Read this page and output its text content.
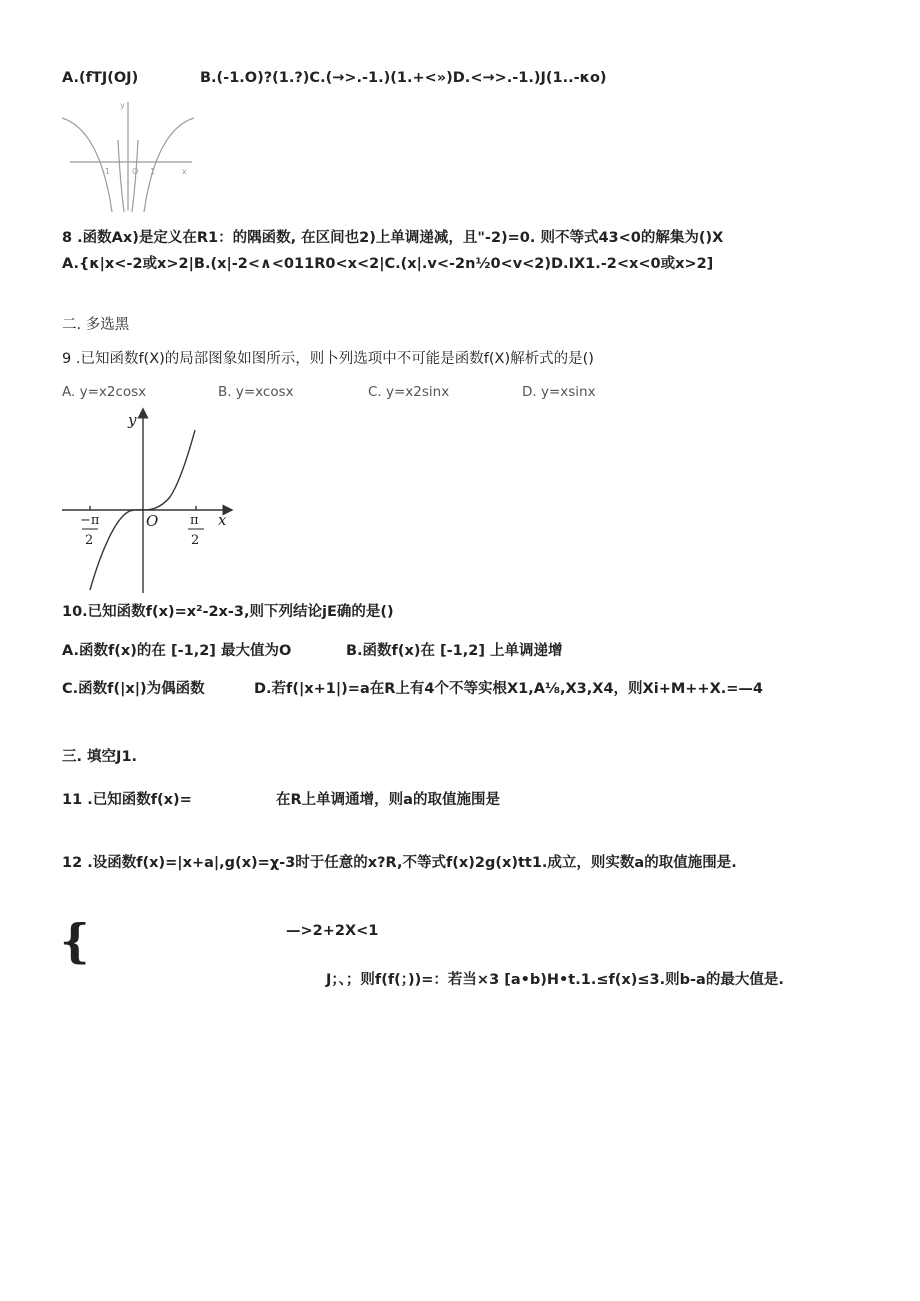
A.(fTJ(OJ)	B.(-1.O)?(1.?)C.(→>.-1.)(1.+<»)D.<→>.-1.)J(1..-κo)
y
x
O
-1	1
8 .函数Ax)是定义在R1：的隅函数, 在区间也2)上单调递减，且"-2)=0. 则不等式43<0的解集为()X
A.{κ|x<-2或x>2|B.(x|-2<∧<011R0<x<2|C.(x|.v<-2n½0<v<2)D.IX1.-2<x<0或x>2]
二. 多选黑
9 .已知函数f(X)的局部图象如图所示，则卜列选项中不可能是函数f(X)解析式的是()
A. y=x2cosx	B. y=xcosx	C. y=x2sinx	D. y=xsinx
y
x
O
−π
2
π
2
10.已知函数f(x)=x²-2x-3,则下列结论jE确的是()
A.函数f(x)的在 [-1,2] 最大值为O	B.函数f(x)在 [-1,2] 上单调递增
C.函数f(|x|)为偶函数	D.若f(|x+1|)=a在R上有4个不等实根X1,A⅛,X3,X4，则Xi+M++X.=—4
三. 填空J1.
11 .已知函数f(x)=	在R上单调通增，则a的取值施围是
12 .设函数f(x)=|x+a|,g(x)=χ-3时于任意的x?R,不等式f(x)2g(x)tt1.成立，则实数a的取值施围是.
{	—>2+2X<1
J；、；则f(f(；))=：若当×3 [a•b)H•t.1.≤f(x)≤3.则b-a的最大值是.
